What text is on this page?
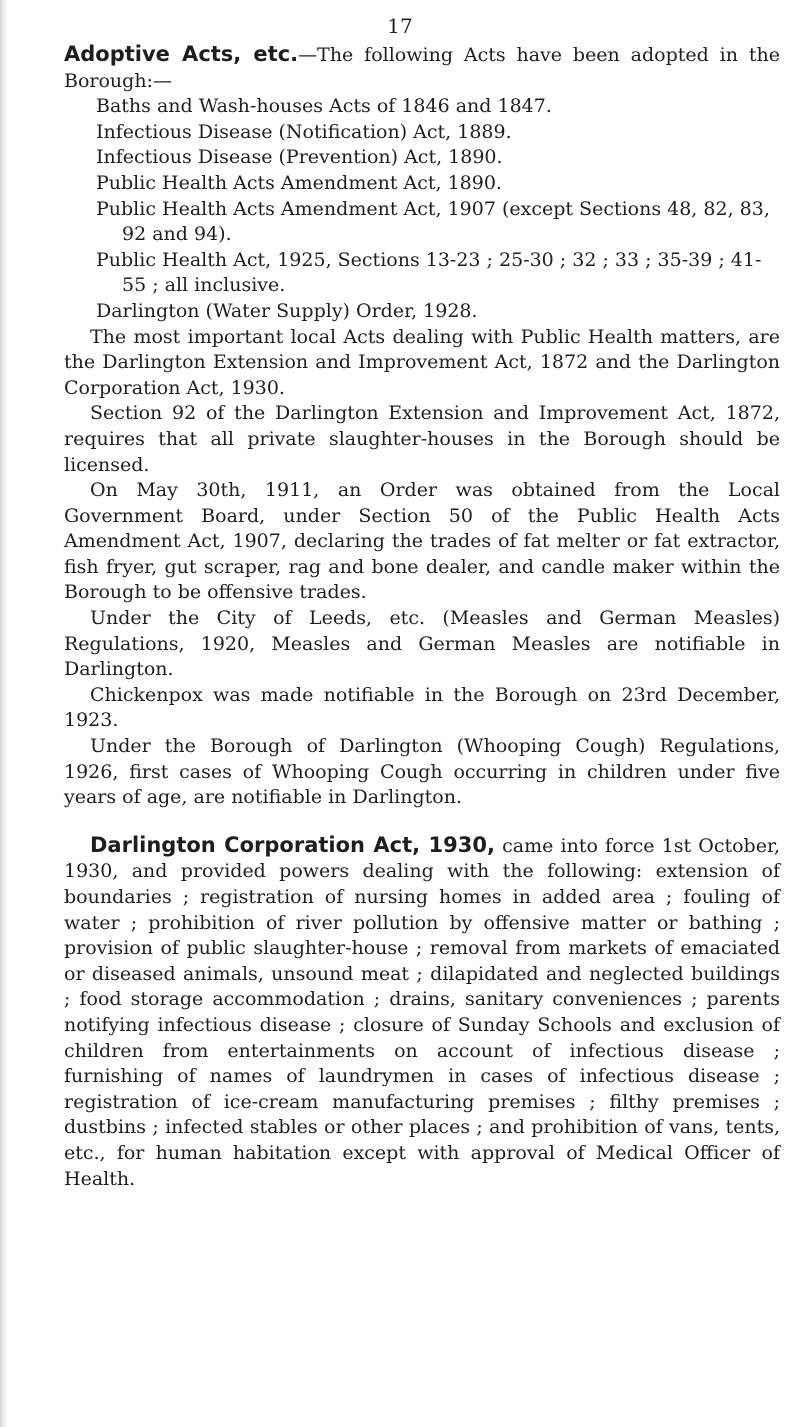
17

Adoptive Acts, etc.—The following Acts have been adopted in the Borough:—

Baths and Wash-houses Acts of 1846 and 1847.
Infectious Disease (Notification) Act, 1889.
Infectious Disease (Prevention) Act, 1890.
Public Health Acts Amendment Act, 1890.
Public Health Acts Amendment Act, 1907 (except Sections 48, 82, 83, 92 and 94).
Public Health Act, 1925, Sections 13-23 ; 25-30 ; 32 ; 33 ; 35-39 ; 41-55 ; all inclusive.
Darlington (Water Supply) Order, 1928.

The most important local Acts dealing with Public Health matters, are the Darlington Extension and Improvement Act, 1872 and the Darlington Corporation Act, 1930.

Section 92 of the Darlington Extension and Improvement Act, 1872, requires that all private slaughter-houses in the Borough should be licensed.

On May 30th, 1911, an Order was obtained from the Local Government Board, under Section 50 of the Public Health Acts Amendment Act, 1907, declaring the trades of fat melter or fat extractor, fish fryer, gut scraper, rag and bone dealer, and candle maker within the Borough to be offensive trades.

Under the City of Leeds, etc. (Measles and German Measles) Regulations, 1920, Measles and German Measles are notifiable in Darlington.

Chickenpox was made notifiable in the Borough on 23rd December, 1923.

Under the Borough of Darlington (Whooping Cough) Regulations, 1926, first cases of Whooping Cough occurring in children under five years of age, are notifiable in Darlington.

Darlington Corporation Act, 1930, came into force 1st October, 1930, and provided powers dealing with the following: extension of boundaries ; registration of nursing homes in added area ; fouling of water ; prohibition of river pollution by offensive matter or bathing ; provision of public slaughter-house ; removal from markets of emaciated or diseased animals, unsound meat ; dilapidated and neglected buildings ; food storage accommodation ; drains, sanitary conveniences ; parents notifying infectious disease ; closure of Sunday Schools and exclusion of children from entertainments on account of infectious disease ; furnishing of names of laundrymen in cases of infectious disease ; registration of ice-cream manufacturing premises ; filthy premises ; dustbins ; infected stables or other places ; and prohibition of vans, tents, etc., for human habitation except with approval of Medical Officer of Health.
